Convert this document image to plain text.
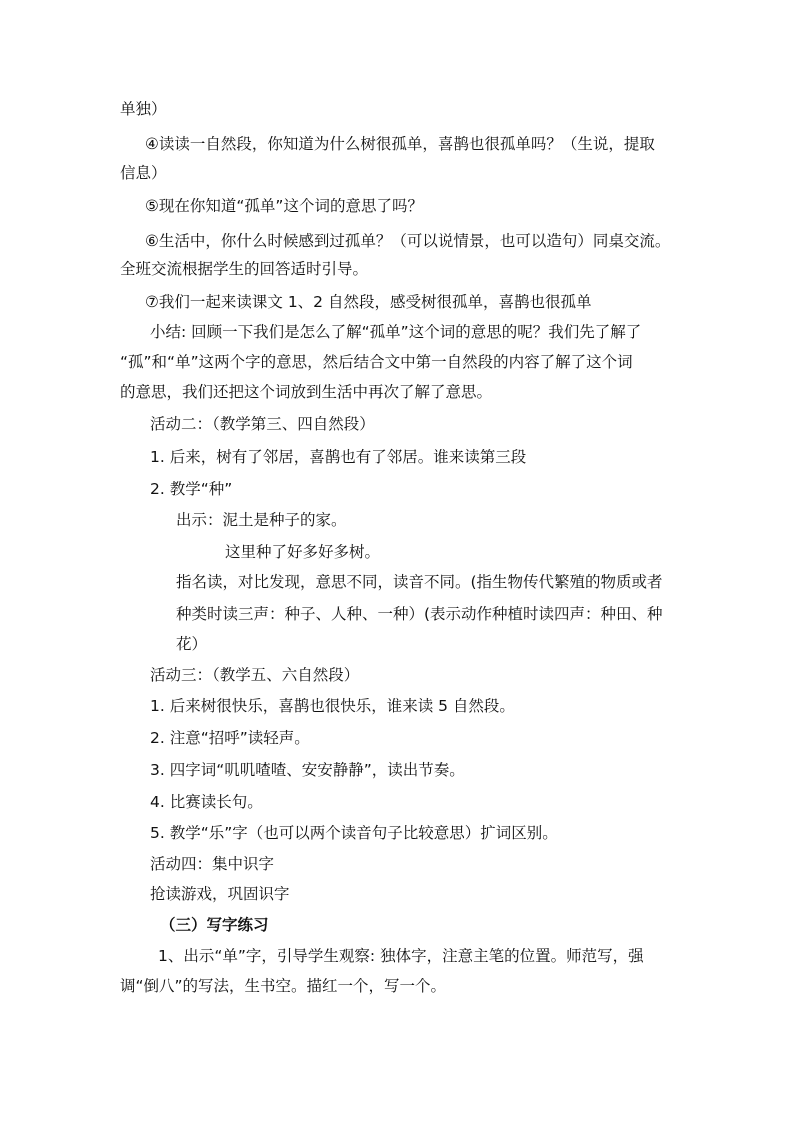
单独）
④读读一自然段，你知道为什么树很孤单，喜鹊也很孤单吗？（生说，提取
信息）
⑤现在你知道“孤单”这个词的意思了吗？
⑥生活中，你什么时候感到过孤单？（可以说情景，也可以造句）同桌交流。
全班交流根据学生的回答适时引导。
⑦我们一起来读课文 1、2 自然段，感受树很孤单，喜鹊也很孤单
小结: 回顾一下我们是怎么了解“孤单”这个词的意思的呢？我们先了解了
“孤”和“单”这两个字的意思，然后结合文中第一自然段的内容了解了这个词
的意思，我们还把这个词放到生活中再次了解了意思。
活动二：（教学第三、四自然段）
1. 后来，树有了邻居，喜鹊也有了邻居。谁来读第三段
2. 教学“种”
出示：泥土是种子的家。
这里种了好多好多树。
指名读，对比发现，意思不同，读音不同。(指生物传代繁殖的物质或者
种类时读三声：种子、人种、一种）(表示动作种植时读四声：种田、种
花）
活动三：（教学五、六自然段）
1. 后来树很快乐，喜鹊也很快乐，谁来读 5 自然段。
2. 注意“招呼”读轻声。
3. 四字词“叽叽喳喳、安安静静”，读出节奏。
4. 比赛读长句。
5. 教学“乐”字（也可以两个读音句子比较意思）扩词区别。
活动四：集中识字
抢读游戏，巩固识字
（三）写字练习
1、出示“单”字，引导学生观察: 独体字，注意主笔的位置。师范写，强
调“倒八”的写法，生书空。描红一个，写一个。
